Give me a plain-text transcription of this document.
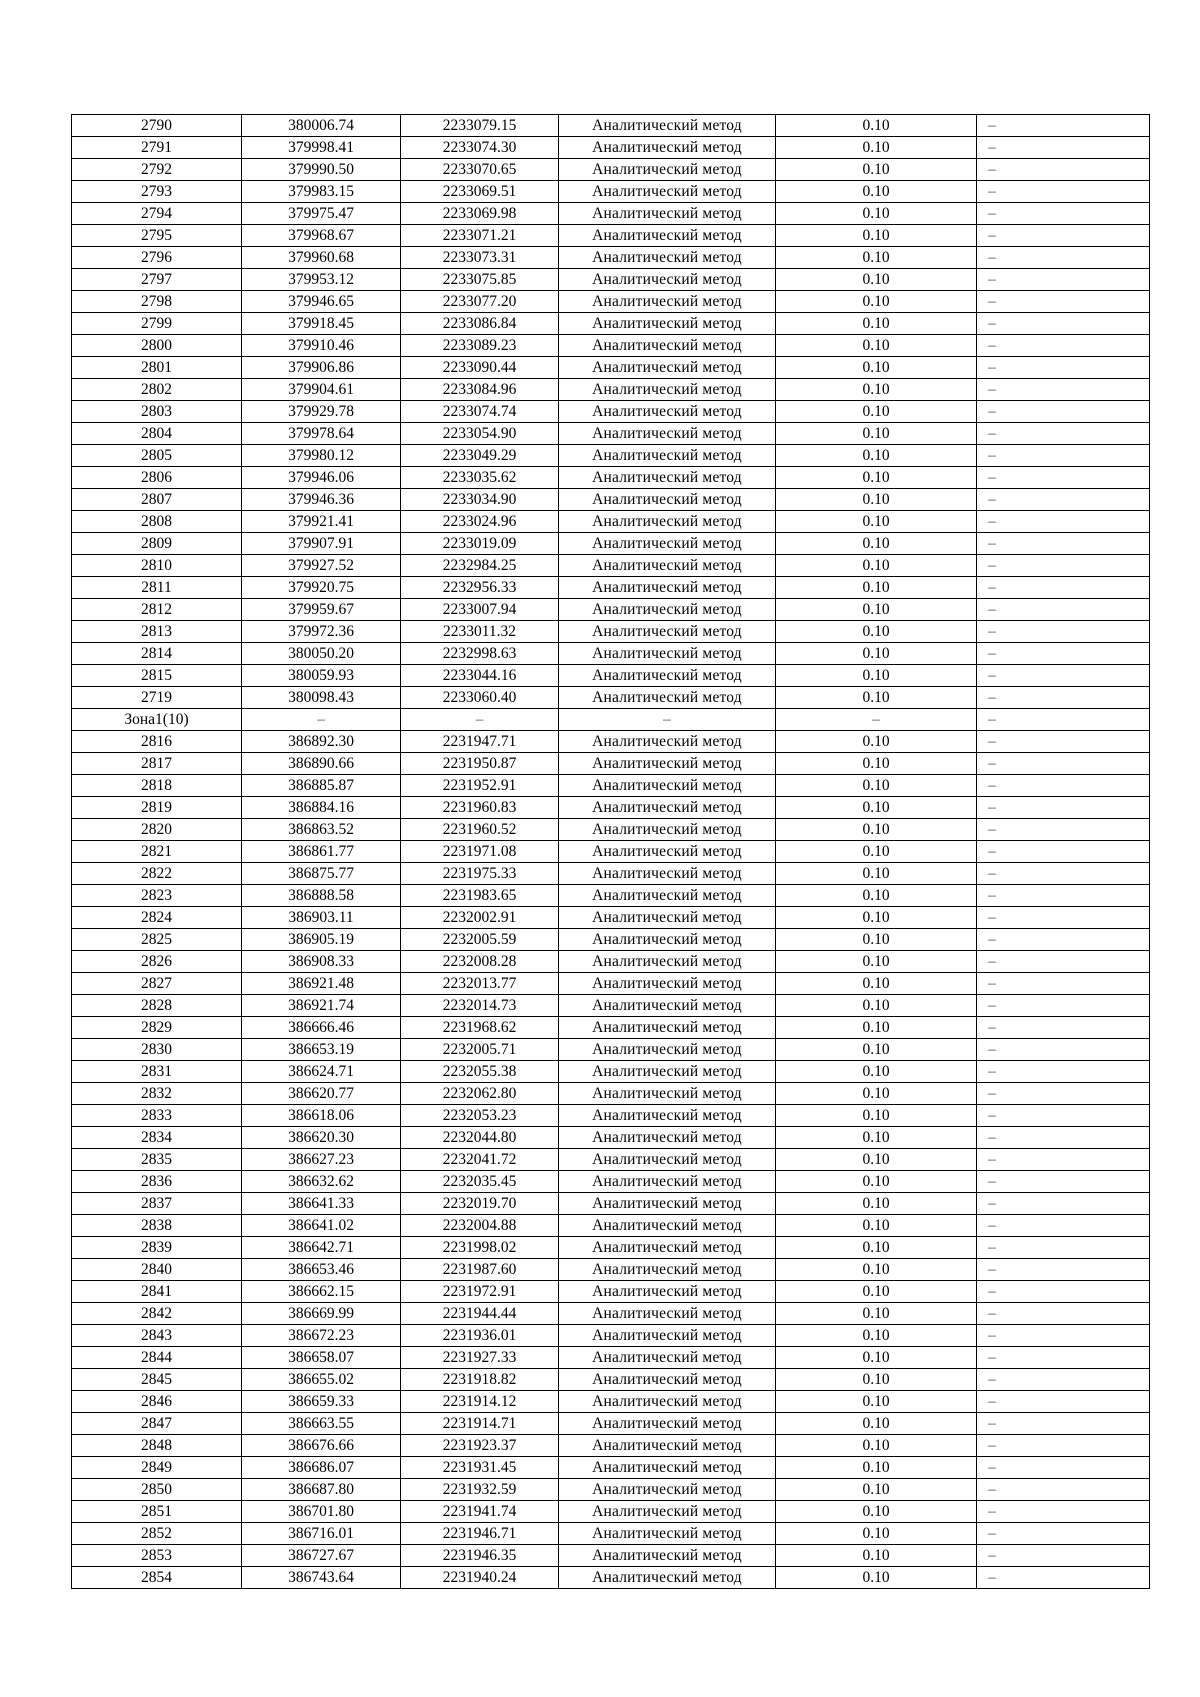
2790	380006.74	2233079.15	Аналитический метод	0.10	–
2791	379998.41	2233074.30	Аналитический метод	0.10	–
2792	379990.50	2233070.65	Аналитический метод	0.10	–
2793	379983.15	2233069.51	Аналитический метод	0.10	–
2794	379975.47	2233069.98	Аналитический метод	0.10	–
2795	379968.67	2233071.21	Аналитический метод	0.10	–
2796	379960.68	2233073.31	Аналитический метод	0.10	–
2797	379953.12	2233075.85	Аналитический метод	0.10	–
2798	379946.65	2233077.20	Аналитический метод	0.10	–
2799	379918.45	2233086.84	Аналитический метод	0.10	–
2800	379910.46	2233089.23	Аналитический метод	0.10	–
2801	379906.86	2233090.44	Аналитический метод	0.10	–
2802	379904.61	2233084.96	Аналитический метод	0.10	–
2803	379929.78	2233074.74	Аналитический метод	0.10	–
2804	379978.64	2233054.90	Аналитический метод	0.10	–
2805	379980.12	2233049.29	Аналитический метод	0.10	–
2806	379946.06	2233035.62	Аналитический метод	0.10	–
2807	379946.36	2233034.90	Аналитический метод	0.10	–
2808	379921.41	2233024.96	Аналитический метод	0.10	–
2809	379907.91	2233019.09	Аналитический метод	0.10	–
2810	379927.52	2232984.25	Аналитический метод	0.10	–
2811	379920.75	2232956.33	Аналитический метод	0.10	–
2812	379959.67	2233007.94	Аналитический метод	0.10	–
2813	379972.36	2233011.32	Аналитический метод	0.10	–
2814	380050.20	2232998.63	Аналитический метод	0.10	–
2815	380059.93	2233044.16	Аналитический метод	0.10	–
2719	380098.43	2233060.40	Аналитический метод	0.10	–
Зона1(10)	–	–	–	–	–
2816	386892.30	2231947.71	Аналитический метод	0.10	–
2817	386890.66	2231950.87	Аналитический метод	0.10	–
2818	386885.87	2231952.91	Аналитический метод	0.10	–
2819	386884.16	2231960.83	Аналитический метод	0.10	–
2820	386863.52	2231960.52	Аналитический метод	0.10	–
2821	386861.77	2231971.08	Аналитический метод	0.10	–
2822	386875.77	2231975.33	Аналитический метод	0.10	–
2823	386888.58	2231983.65	Аналитический метод	0.10	–
2824	386903.11	2232002.91	Аналитический метод	0.10	–
2825	386905.19	2232005.59	Аналитический метод	0.10	–
2826	386908.33	2232008.28	Аналитический метод	0.10	–
2827	386921.48	2232013.77	Аналитический метод	0.10	–
2828	386921.74	2232014.73	Аналитический метод	0.10	–
2829	386666.46	2231968.62	Аналитический метод	0.10	–
2830	386653.19	2232005.71	Аналитический метод	0.10	–
2831	386624.71	2232055.38	Аналитический метод	0.10	–
2832	386620.77	2232062.80	Аналитический метод	0.10	–
2833	386618.06	2232053.23	Аналитический метод	0.10	–
2834	386620.30	2232044.80	Аналитический метод	0.10	–
2835	386627.23	2232041.72	Аналитический метод	0.10	–
2836	386632.62	2232035.45	Аналитический метод	0.10	–
2837	386641.33	2232019.70	Аналитический метод	0.10	–
2838	386641.02	2232004.88	Аналитический метод	0.10	–
2839	386642.71	2231998.02	Аналитический метод	0.10	–
2840	386653.46	2231987.60	Аналитический метод	0.10	–
2841	386662.15	2231972.91	Аналитический метод	0.10	–
2842	386669.99	2231944.44	Аналитический метод	0.10	–
2843	386672.23	2231936.01	Аналитический метод	0.10	–
2844	386658.07	2231927.33	Аналитический метод	0.10	–
2845	386655.02	2231918.82	Аналитический метод	0.10	–
2846	386659.33	2231914.12	Аналитический метод	0.10	–
2847	386663.55	2231914.71	Аналитический метод	0.10	–
2848	386676.66	2231923.37	Аналитический метод	0.10	–
2849	386686.07	2231931.45	Аналитический метод	0.10	–
2850	386687.80	2231932.59	Аналитический метод	0.10	–
2851	386701.80	2231941.74	Аналитический метод	0.10	–
2852	386716.01	2231946.71	Аналитический метод	0.10	–
2853	386727.67	2231946.35	Аналитический метод	0.10	–
2854	386743.64	2231940.24	Аналитический метод	0.10	–
